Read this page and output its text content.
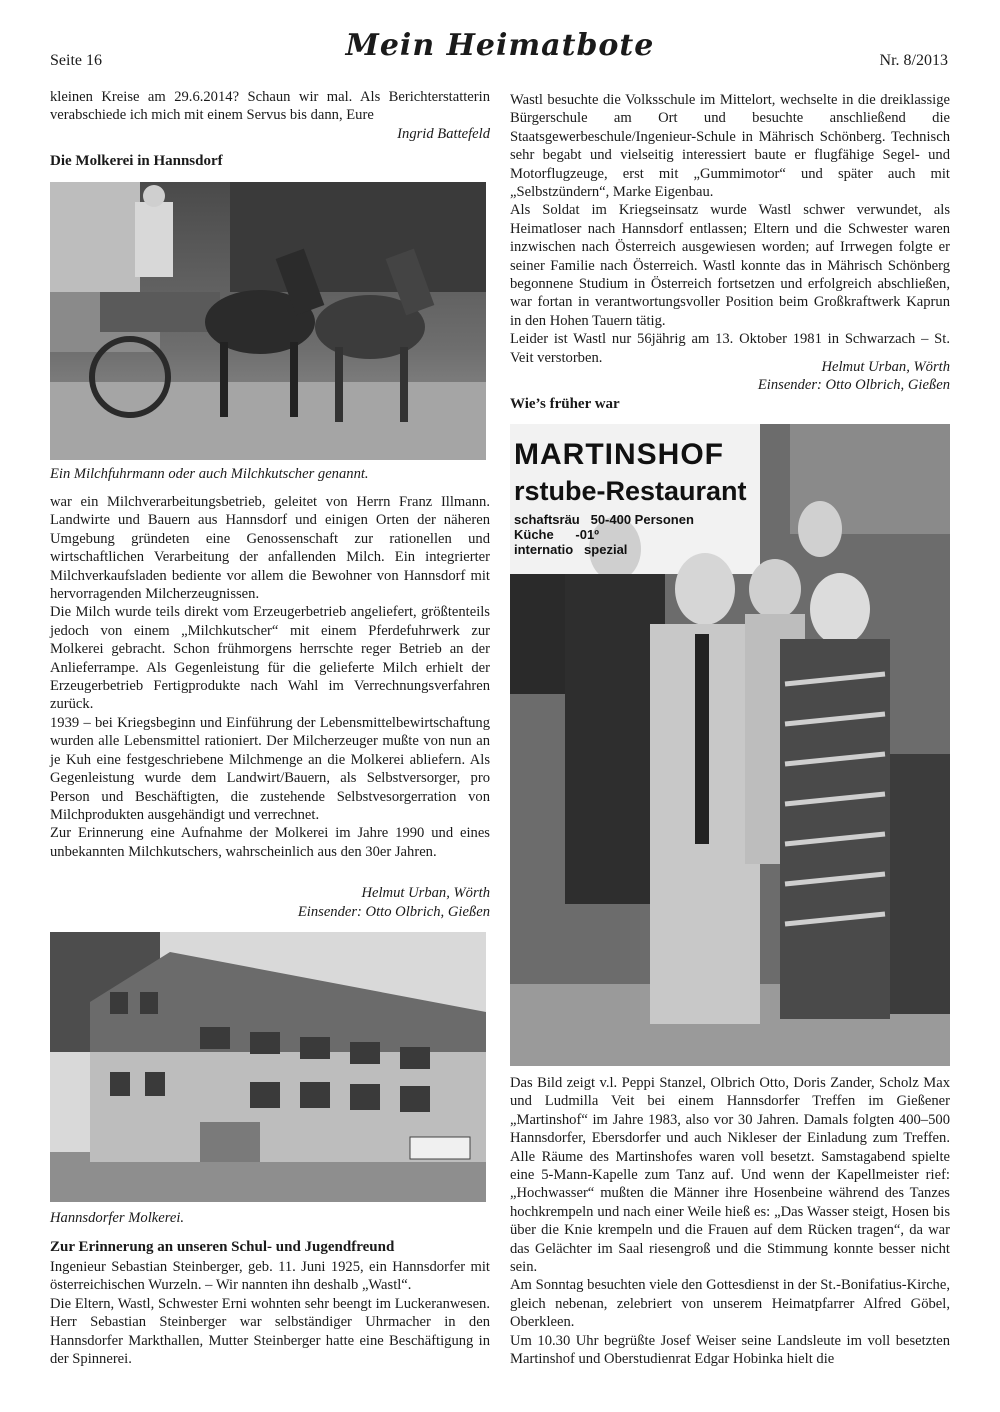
Seite 16	Mein Heimatbote	Nr. 8/2013

kleinen Kreise am 29.6.2014? Schaun wir mal. Als Berichterstatterin verabschiede ich mich mit einem Servus bis dann, Eure

Ingrid Battefeld
Die Molkerei in Hannsdorf
Ein Milchfuhrmann oder auch Milchkutscher genannt.

war ein Milchverarbeitungsbetrieb, geleitet von Herrn Franz Illmann. Landwirte und Bauern aus Hannsdorf und einigen Orten der näheren Umgebung gründeten eine Genossenschaft zur rationellen und wirtschaftlichen Verarbeitung der anfallenden Milch. Ein integrierter Milchverkaufsladen bediente vor allem die Bewohner von Hannsdorf mit hervorragenden Milcherzeugnissen.

Die Milch wurde teils direkt vom Erzeugerbetrieb angeliefert, größtenteils jedoch von einem „Milchkutscher“ mit einem Pferdefuhrwerk zur Molkerei gebracht. Schon frühmorgens herrschte reger Betrieb an der Anlieferrampe. Als Gegenleistung für die gelieferte Milch erhielt der Erzeugerbetrieb Fertigprodukte nach Wahl im Verrechnungsverfahren zurück.

1939 – bei Kriegsbeginn und Einführung der Lebensmittelbewirtschaftung wurden alle Lebensmittel rationiert. Der Milcherzeuger mußte von nun an je Kuh eine festgeschriebene Milchmenge an die Molkerei abliefern. Als Gegenleistung wurde dem Landwirt/Bauern, als Selbstversorger, pro Person und Beschäftigten, die zustehende Selbstvesorgerration von Milchprodukten ausgehändigt und verrechnet.

Zur Erinnerung eine Aufnahme der Molkerei im Jahre 1990 und eines unbekannten Milchkutschers, wahrscheinlich aus den 30er Jahren.

Helmut Urban, Wörth
Einsender: Otto Olbrich, Gießen
Hannsdorfer Molkerei.
Zur Erinnerung an unseren Schul- und Jugendfreund

Ingenieur Sebastian Steinberger, geb. 11. Juni 1925, ein Hannsdorfer mit österreichischen Wurzeln. – Wir nannten ihn deshalb „Wastl“.

Die Eltern, Wastl, Schwester Erni wohnten sehr beengt im Luckeranwesen. Herr Sebastian Steinberger war selbständiger Uhrmacher in den Hannsdorfer Markthallen, Mutter Steinberger hatte eine Beschäftigung in der Spinnerei.

Wastl besuchte die Volksschule im Mittelort, wechselte in die dreiklassige Bürgerschule am Ort und besuchte anschließend die Staatsgewerbeschule/Ingenieur-Schule in Mährisch Schönberg. Technisch sehr begabt und vielseitig interessiert baute er flugfähige Segel- und Motorflugzeuge, erst mit „Gummimotor“ und später auch mit „Selbstzündern“, Marke Eigenbau.

Als Soldat im Kriegseinsatz wurde Wastl schwer verwundet, als Heimatloser nach Hannsdorf entlassen; Eltern und die Schwester waren inzwischen nach Österreich ausgewiesen worden; auf Irrwegen folgte er seiner Familie nach Österreich. Wastl konnte das in Mährisch Schönberg begonnene Studium in Österreich fortsetzen und erfolgreich abschließen, war fortan in verantwortungsvoller Position beim Großkraftwerk Kaprun in den Hohen Tauern tätig.

Leider ist Wastl nur 56jährig am 13. Oktober 1981 in Schwarzach – St. Veit verstorben.

Helmut Urban, Wörth
Einsender: Otto Olbrich, Gießen
Wie’s früher war
MARTINSHOF
rstube-Restaurant
schaftsräu   50-400 Personen
Küche      -01º
internatio   spezial

Das Bild zeigt v.l. Peppi Stanzel, Olbrich Otto, Doris Zander, Scholz Max und Ludmilla Veit bei einem Hannsdorfer Treffen im Gießener „Martinshof“ im Jahre 1983, also vor 30 Jahren. Damals folgten 400–500 Hannsdorfer, Ebersdorfer und auch Nikleser der Einladung zum Treffen. Alle Räume des Martinshofes waren voll besetzt. Samstagabend spielte eine 5-Mann-Kapelle zum Tanz auf. Und wenn der Kapellmeister rief: „Hochwasser“ mußten die Männer ihre Hosenbeine während des Tanzes hochkrempeln und nach einer Weile hieß es: „Das Wasser steigt, Hosen bis über die Knie krempeln und die Frauen auf dem Rücken tragen“, da war das Gelächter im Saal riesengroß und die Stimmung konnte besser nicht sein.

Am Sonntag besuchten viele den Gottesdienst in der St.-Bonifatius-Kirche, gleich nebenan, zelebriert von unserem Heimatpfarrer Alfred Göbel, Oberkleen.

Um 10.30 Uhr begrüßte Josef Weiser seine Landsleute im voll besetzten Martinshof und Oberstudienrat Edgar Hobinka hielt die
